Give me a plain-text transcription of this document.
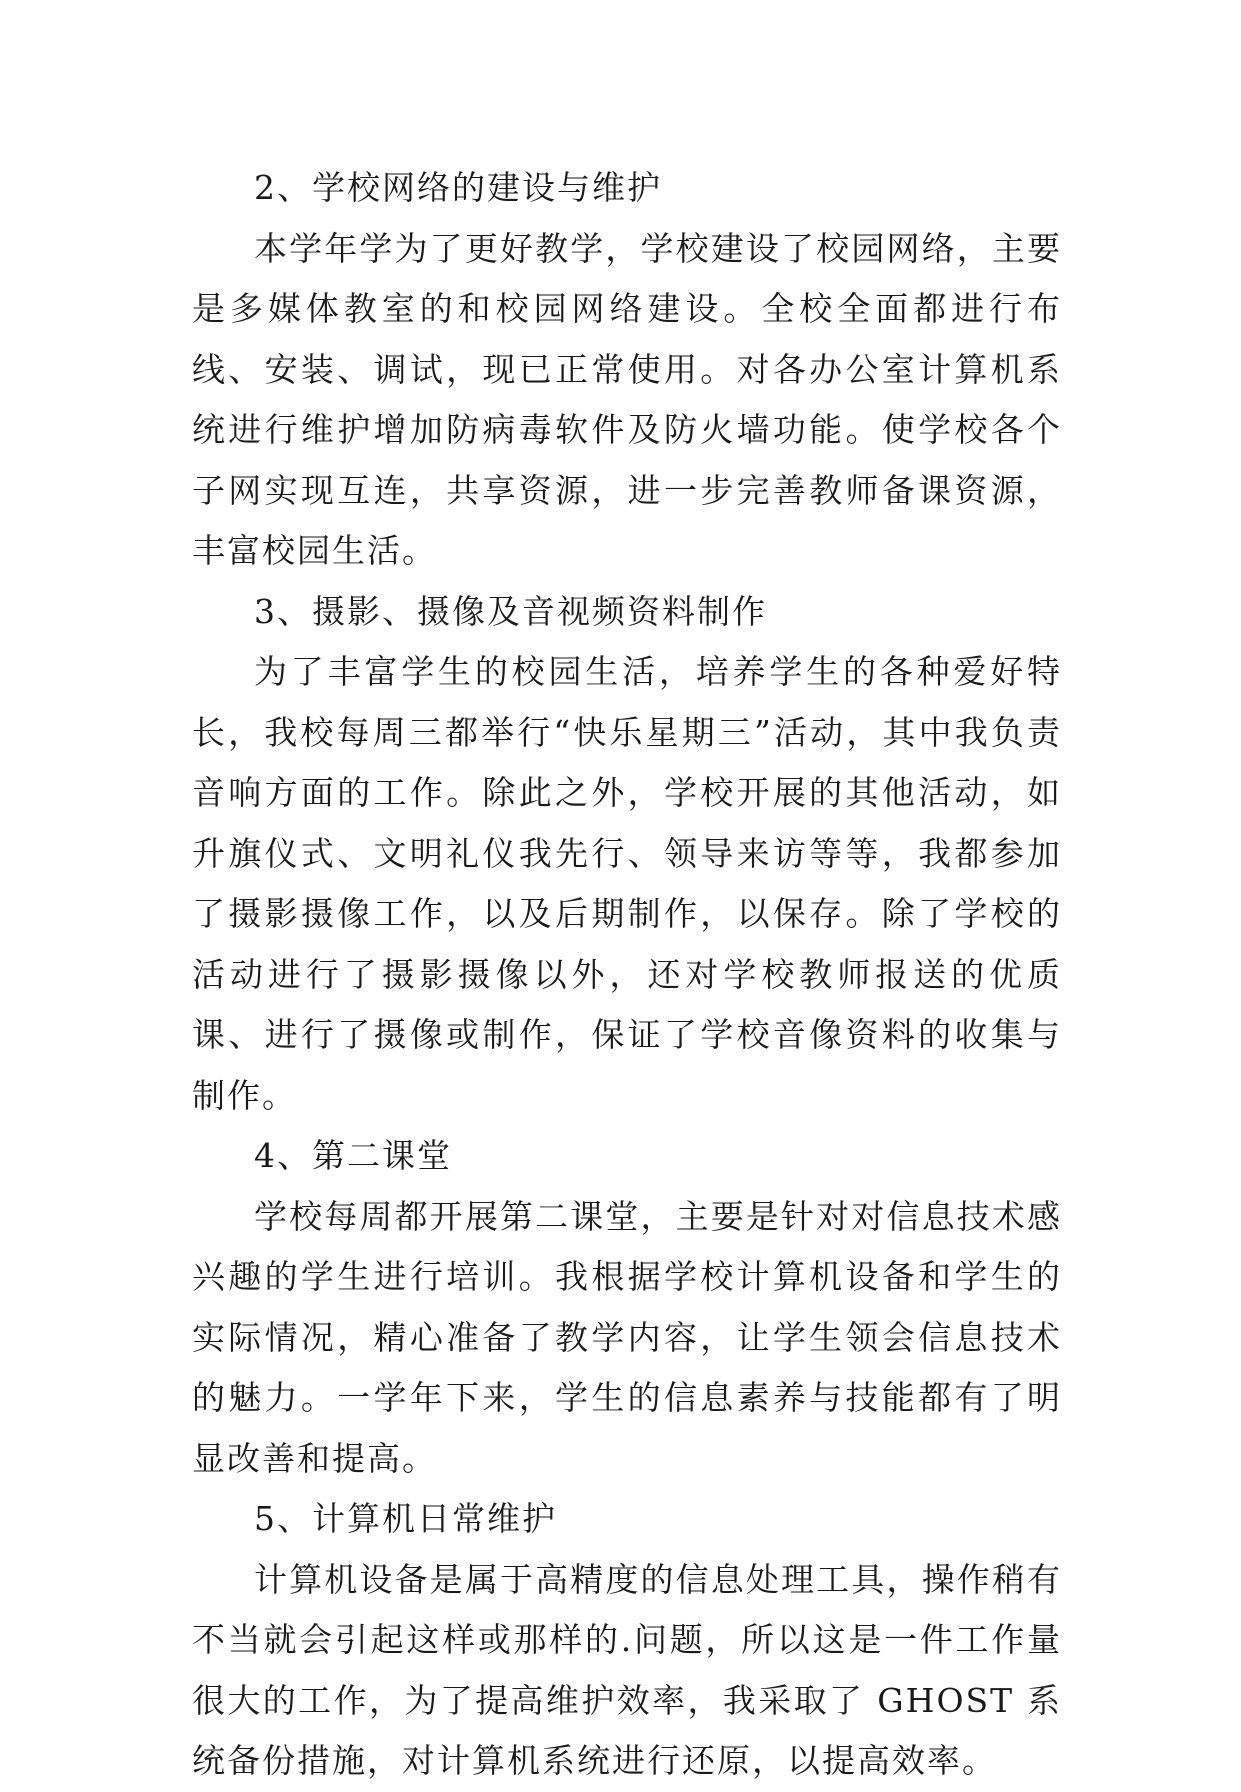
2、学校网络的建设与维护

本学年学为了更好教学，学校建设了校园网络，主要是多媒体教室的和校园网络建设。全校全面都进行布线、安装、调试，现已正常使用。对各办公室计算机系统进行维护增加防病毒软件及防火墙功能。使学校各个子网实现互连，共享资源，进一步完善教师备课资源，丰富校园生活。

3、摄影、摄像及音视频资料制作

为了丰富学生的校园生活，培养学生的各种爱好特长，我校每周三都举行“快乐星期三”活动，其中我负责音响方面的工作。除此之外，学校开展的其他活动，如升旗仪式、文明礼仪我先行、领导来访等等，我都参加了摄影摄像工作，以及后期制作，以保存。除了学校的活动进行了摄影摄像以外，还对学校教师报送的优质课、进行了摄像或制作，保证了学校音像资料的收集与制作。

4、第二课堂

学校每周都开展第二课堂，主要是针对对信息技术感兴趣的学生进行培训。我根据学校计算机设备和学生的实际情况，精心准备了教学内容，让学生领会信息技术的魅力。一学年下来，学生的信息素养与技能都有了明显改善和提高。

5、计算机日常维护

计算机设备是属于高精度的信息处理工具，操作稍有不当就会引起这样或那样的.问题，所以这是一件工作量很大的工作，为了提高维护效率，我采取了 GHOST 系统备份措施，对计算机系统进行还原，以提高效率。
